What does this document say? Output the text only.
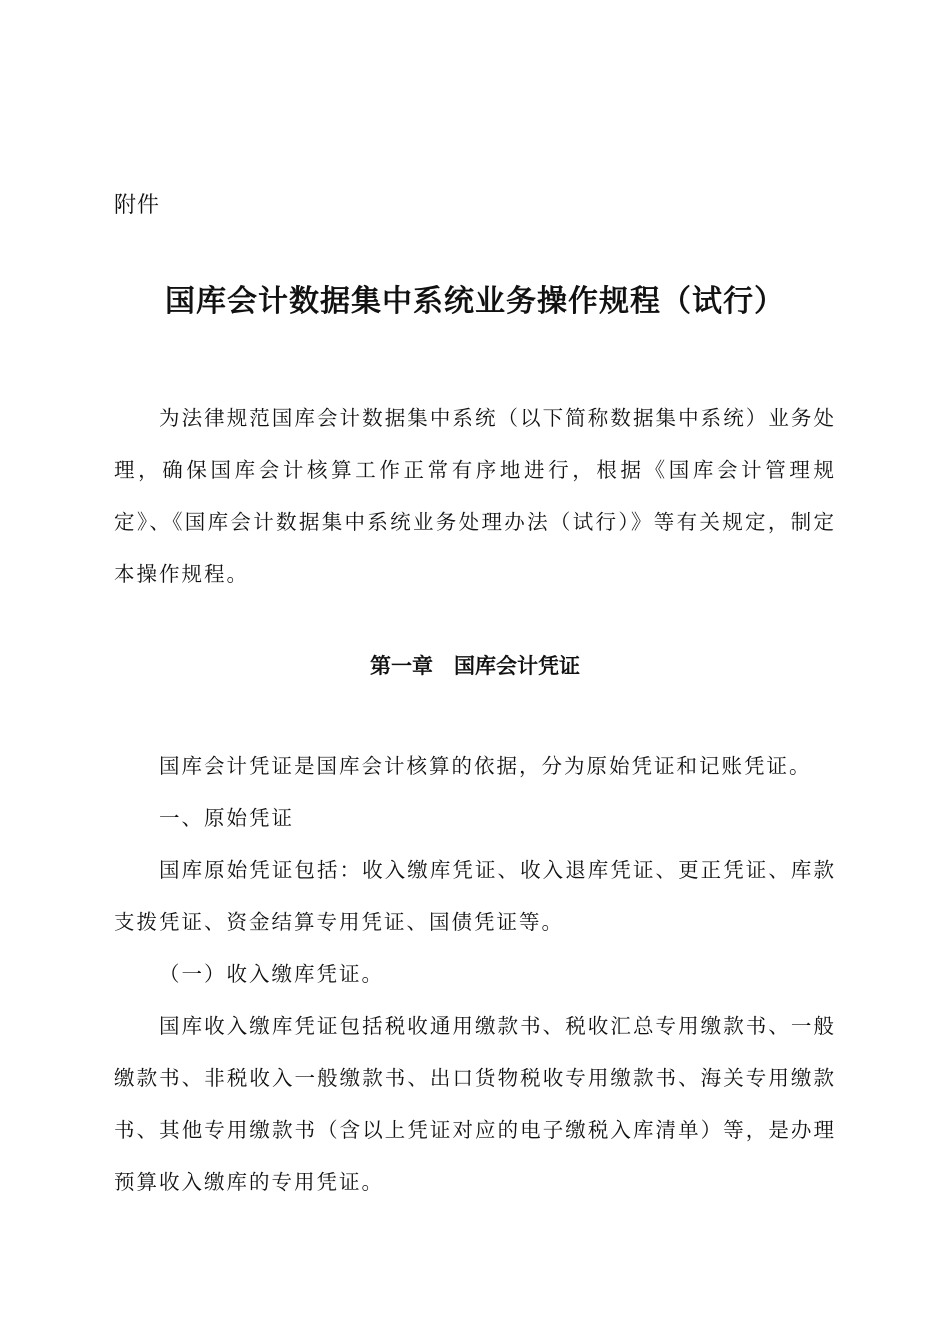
附件
国库会计数据集中系统业务操作规程（试行）
为法律规范国库会计数据集中系统（以下简称数据集中系统）业务处理，确保国库会计核算工作正常有序地进行，根据《国库会计管理规定》、《国库会计数据集中系统业务处理办法（试行）》等有关规定，制定本操作规程。
第一章　国库会计凭证

国库会计凭证是国库会计核算的依据，分为原始凭证和记账凭证。

一、原始凭证

国库原始凭证包括：收入缴库凭证、收入退库凭证、更正凭证、库款支拨凭证、资金结算专用凭证、国债凭证等。

（一）收入缴库凭证。

国库收入缴库凭证包括税收通用缴款书、税收汇总专用缴款书、一般缴款书、非税收入一般缴款书、出口货物税收专用缴款书、海关专用缴款书、其他专用缴款书（含以上凭证对应的电子缴税入库清单）等，是办理预算收入缴库的专用凭证。
